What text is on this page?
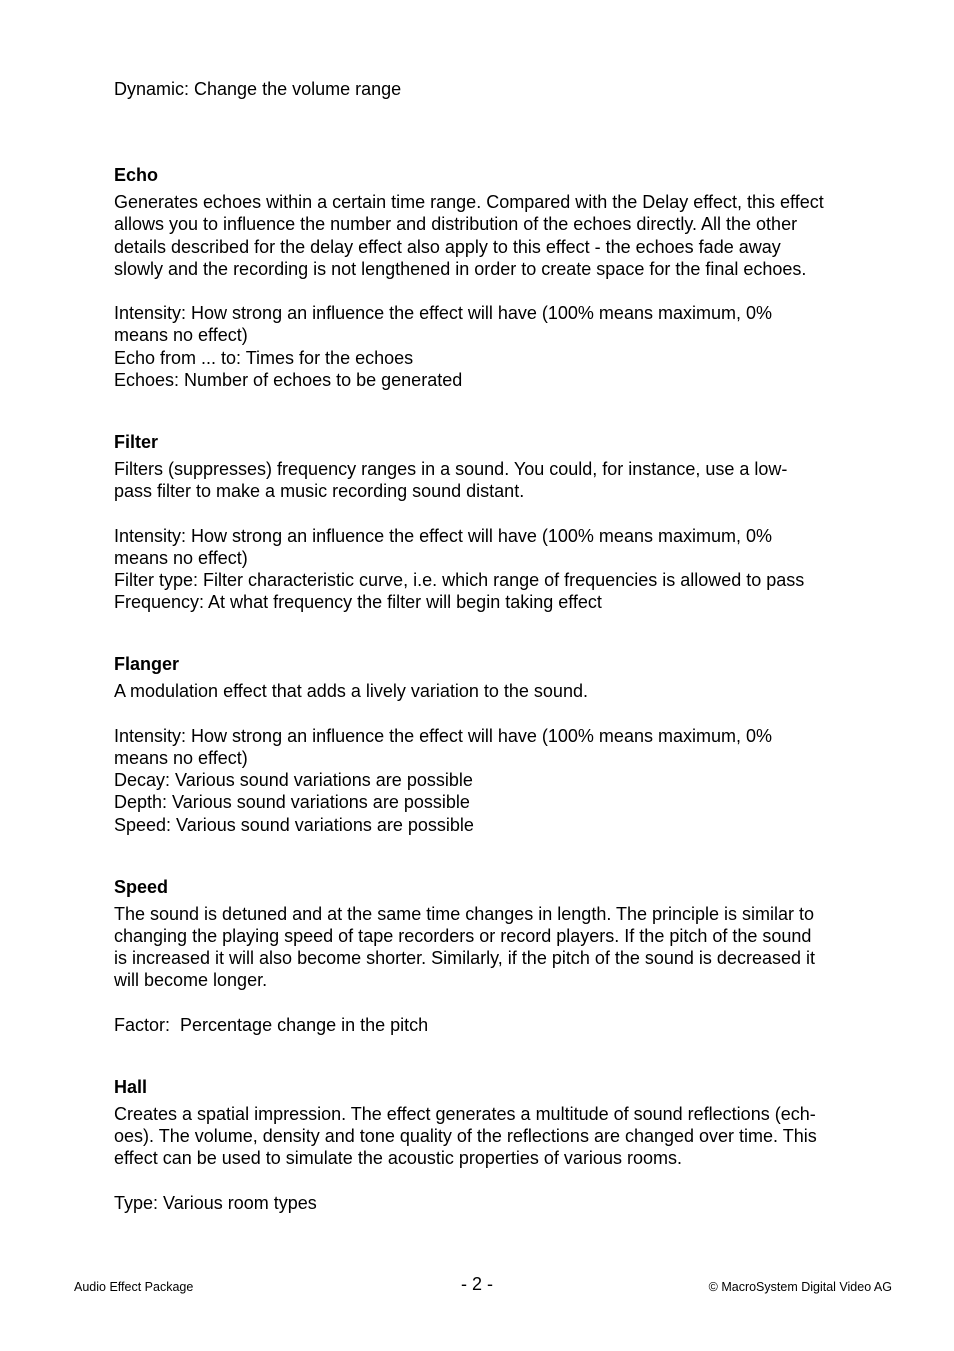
Dynamic: Change the volume range

Echo

Generates echoes within a certain time range. Compared with the Delay effect, this effect

allows you to influence the number and distribution of the echoes directly. All the other

details described for the delay effect also apply to this effect - the echoes fade away

slowly and the recording is not lengthened in order to create space for the final echoes.

Intensity: How strong an influence the effect will have (100% means maximum, 0%

means no effect)

Echo from ... to: Times for the echoes

Echoes: Number of echoes to be generated

Filter

Filters (suppresses) frequency ranges in a sound. You could, for instance, use a low-

pass filter to make a music recording sound distant.

Intensity: How strong an influence the effect will have (100% means maximum, 0%

means no effect)

Filter type: Filter characteristic curve, i.e. which range of frequencies is allowed to pass

Frequency: At what frequency the filter will begin taking effect

Flanger

A modulation effect that adds a lively variation to the sound.

Intensity: How strong an influence the effect will have (100% means maximum, 0%

means no effect)

Decay: Various sound variations are possible

Depth: Various sound variations are possible

Speed: Various sound variations are possible

Speed

The sound is detuned and at the same time changes in length. The principle is similar to

changing the playing speed of tape recorders or record players. If the pitch of the sound

is increased it will also become shorter. Similarly, if the pitch of the sound is decreased it

will become longer.

Factor:  Percentage change in the pitch

Hall

Creates a spatial impression. The effect generates a multitude of sound reflections (ech-

oes). The volume, density and tone quality of the reflections are changed over time. This

effect can be used to simulate the acoustic properties of various rooms.

Type: Various room types

Audio Effect Package	- 2 -	© MacroSystem Digital Video AG
